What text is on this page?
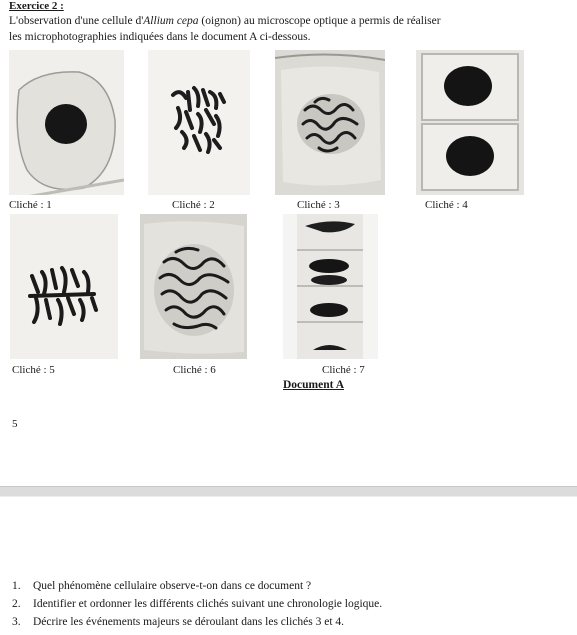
Exercice 2 :
L'observation d'une cellule d'Allium cepa (oignon) au microscope optique a permis de réaliser
les microphotographies indiquées dans le document A ci-dessous.
Cliché : 1	Cliché : 2	Cliché : 3	Cliché : 4
Cliché : 5	Cliché : 6	Cliché : 7
Document A
5
1. Quel phénomène cellulaire observe-t-on dans ce document ?
2. Identifier et ordonner les différents clichés suivant une chronologie logique.
3. Décrire les événements majeurs se déroulant dans les clichés 3 et 4.
